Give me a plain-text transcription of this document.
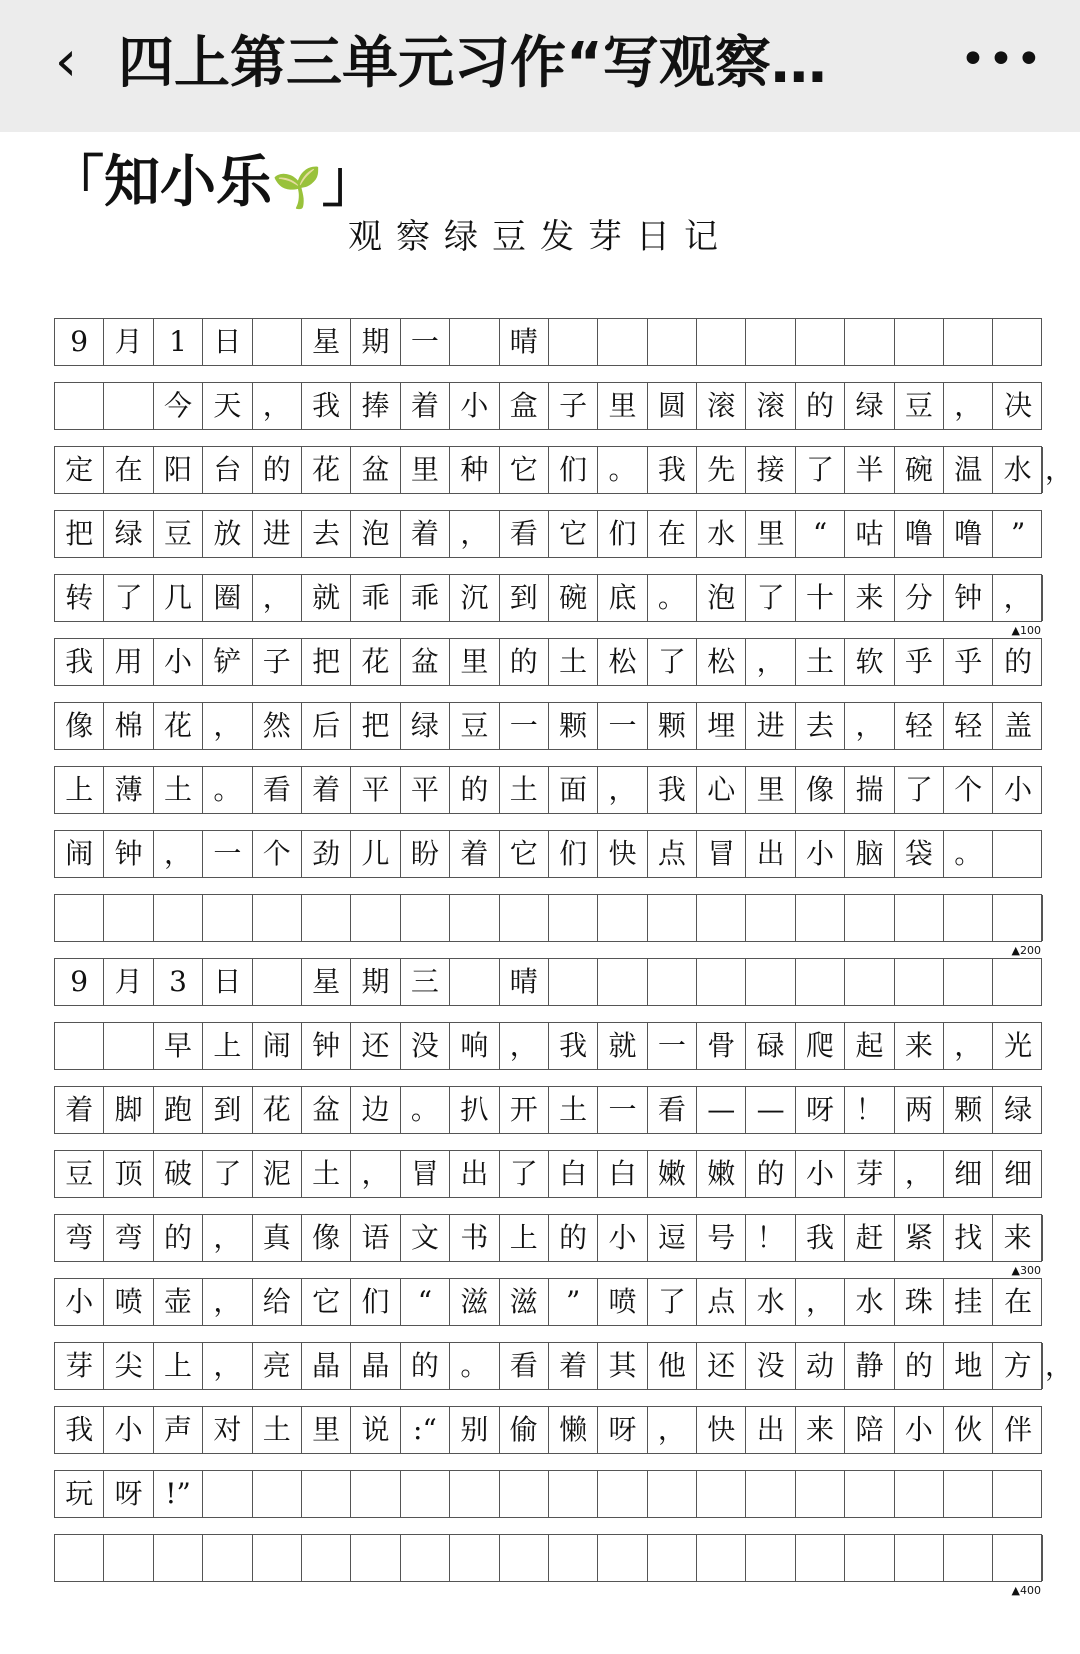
‹ 四上第三单元习作“写观察…	•••
「知小乐🌱」
观察绿豆发芽日记
9 月 1 日	星 期 一	晴
今 天 ， 我 捧 着 小 盒 子 里 圆 滚 滚 的 绿 豆 ， 决
定 在 阳 台 的 花 盆 里 种 它 们 。 我 先 接 了 半 碗 温 水 ，
把 绿 豆 放 进 去 泡 着 ， 看 它 们 在 水 里	“	咕 噜 噜	”
转 了 几 圈 ， 就 乖 乖 沉 到 碗 底 。 泡 了 十 来 分 钟 ，
▲100
我 用 小 铲 子 把 花 盆 里 的 土 松 了 松 ， 土 软 乎 乎 的
像 棉 花 ， 然 后 把 绿 豆 一 颗 一 颗 埋 进 去 ， 轻 轻 盖
上 薄 土 。 看 着 平 平 的 土 面 ， 我 心 里 像 揣 了 个 小
闹 钟 ， 一 个 劲 儿 盼 着 它 们 快 点 冒 出 小 脑 袋 。
▲200
9 月 3 日	星 期 三	晴
早 上 闹 钟 还 没 响 ， 我 就 一 骨 碌 爬 起 来 ， 光
着 脚 跑 到 花 盆 边 。 扒 开 土 一 看 — — 呀 ！ 两 颗 绿
豆 顶 破 了 泥 土 ， 冒 出 了 白 白 嫩 嫩 的 小 芽 ， 细 细
弯 弯 的 ， 真 像 语 文 书 上 的 小 逗 号 ！ 我 赶 紧 找 来
▲300
小 喷 壶 ， 给 它 们	“	滋 滋	”	喷 了 点 水 ， 水 珠 挂 在
芽 尖 上 ， 亮 晶 晶 的 。 看 着 其 他 还 没 动 静 的 地 方 ，
我 小 声 对 土 里 说 :“ 别 偷 懒 呀 ， 快 出 来 陪 小 伙 伴
玩 呀 !”
▲400
